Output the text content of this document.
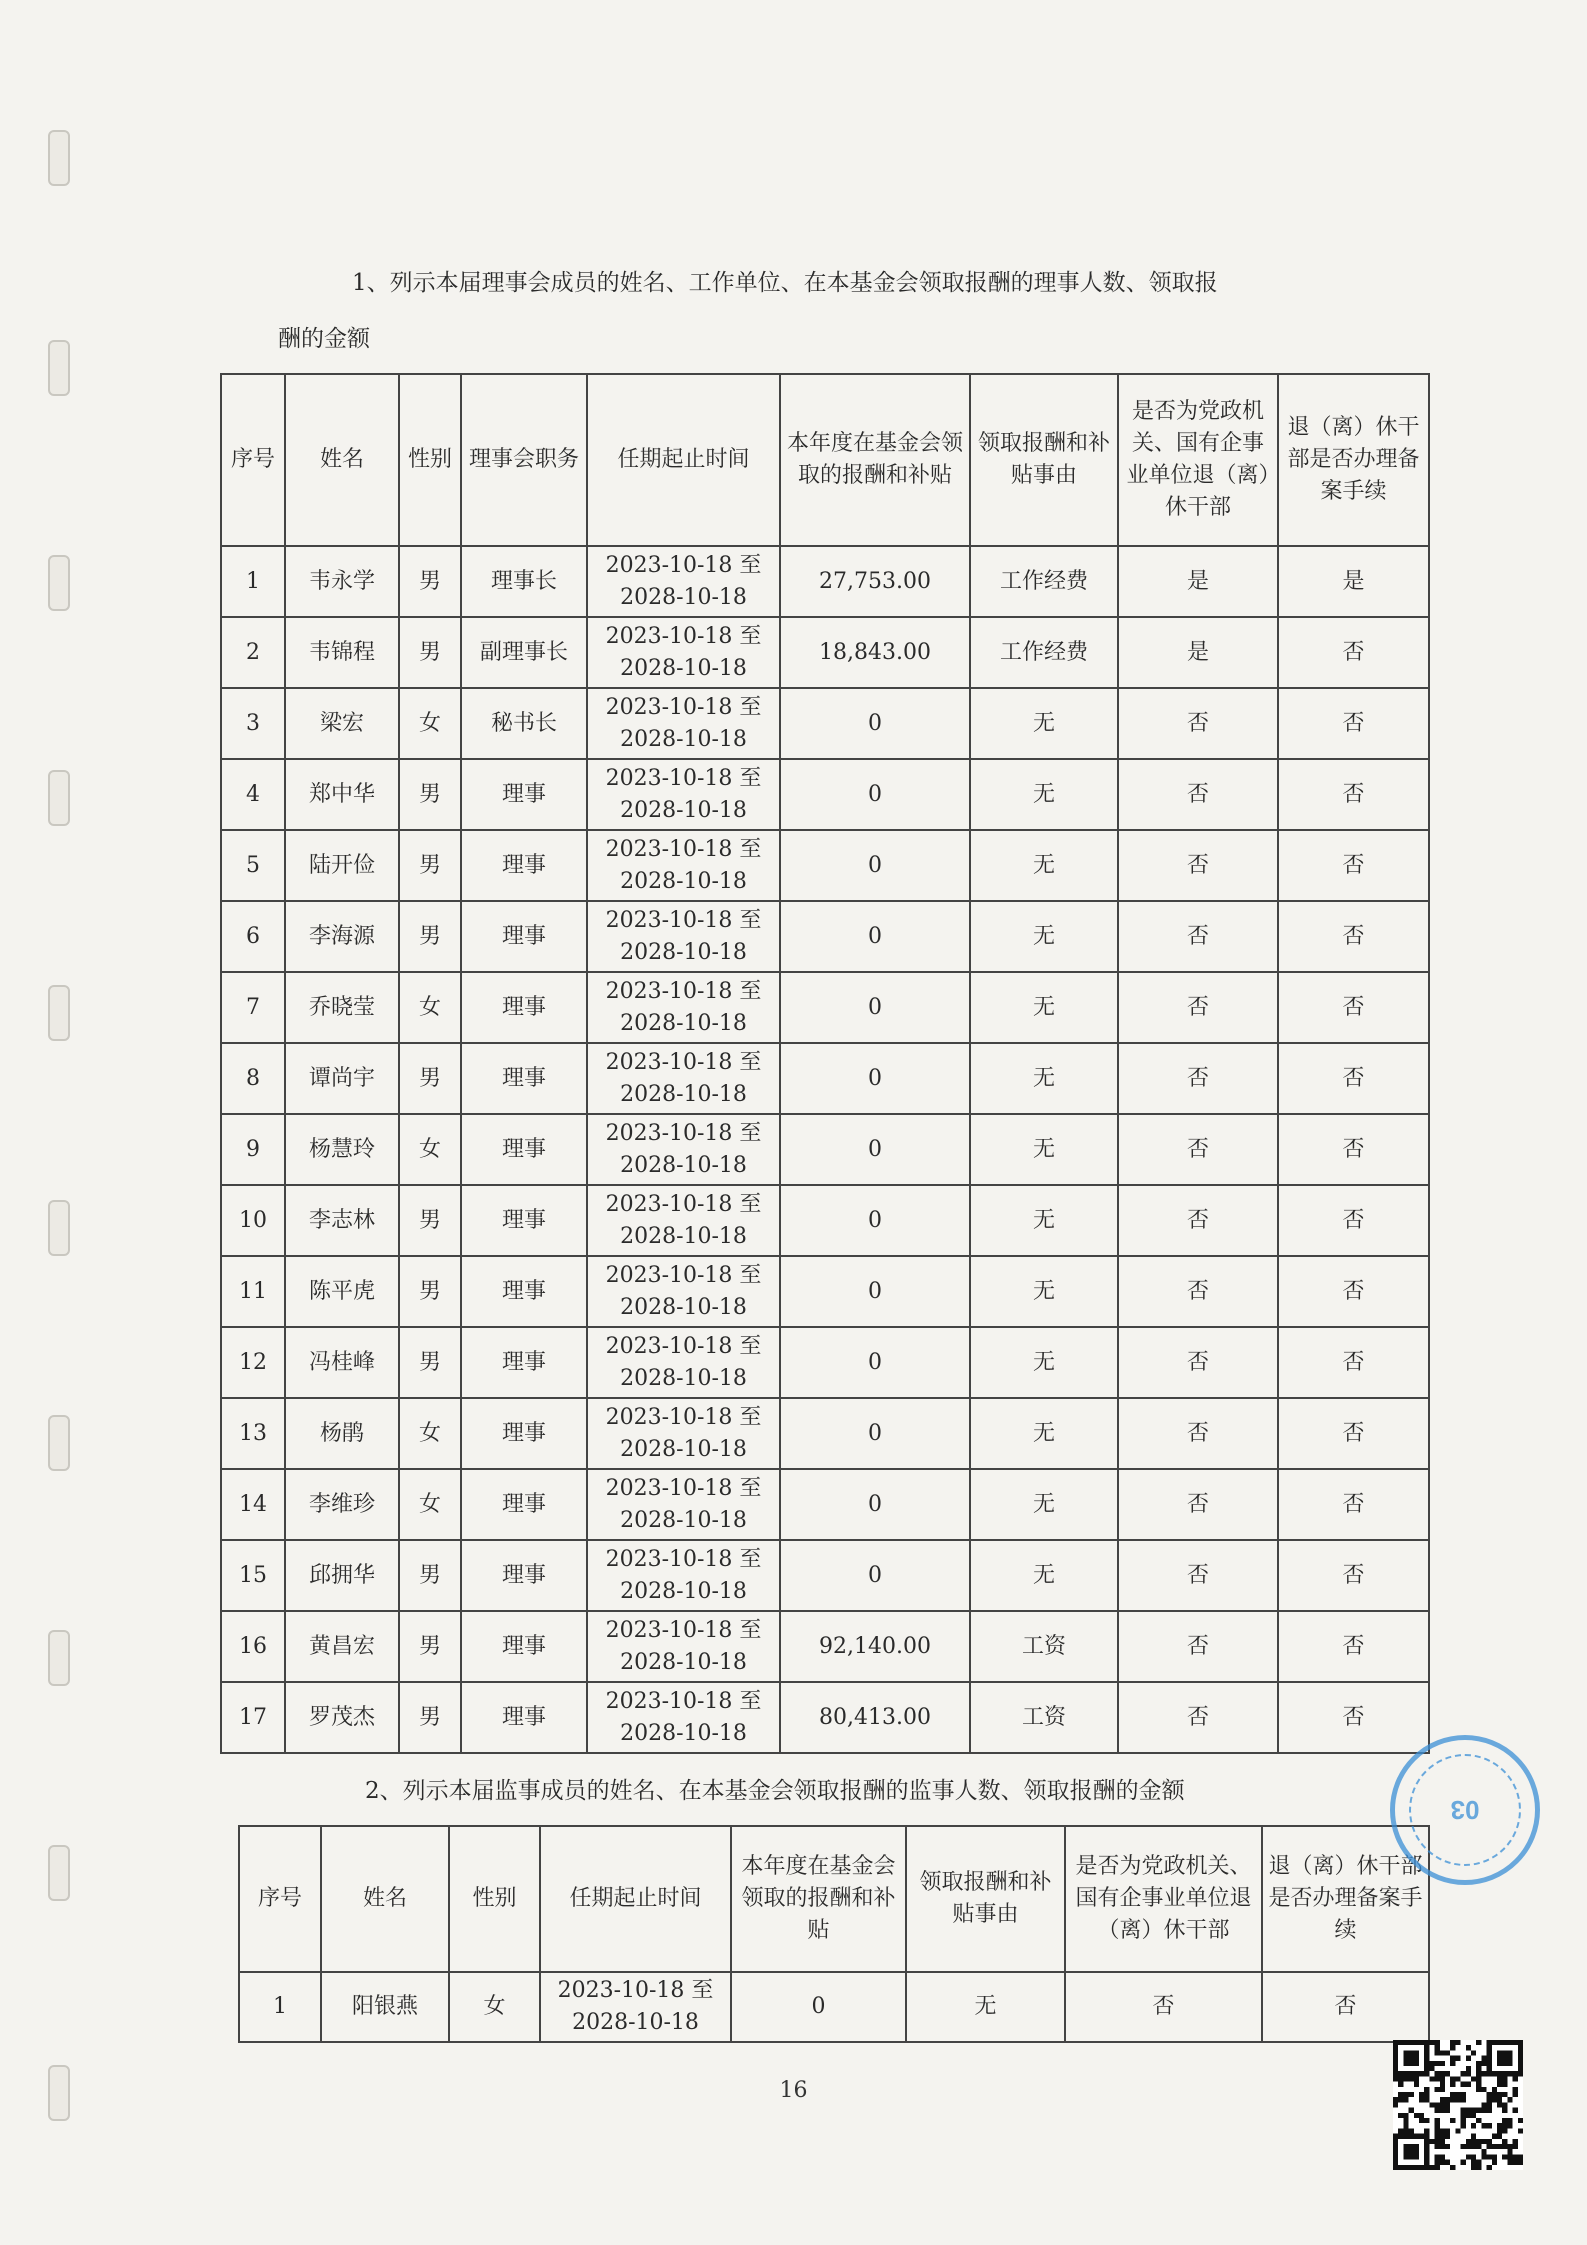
1、列示本届理事会成员的姓名、工作单位、在本基金会领取报酬的理事人数、领取报
酬的金额
序号	姓名	性别	理事会职务	任期起止时间	本年度在基金会领取的报酬和补贴	领取报酬和补贴事由	是否为党政机关、国有企事业单位退（离）休干部	退（离）休干部是否办理备案手续
1	韦永学	男	理事长	2023-10-18 至
2028-10-18	27,753.00	工作经费	是	是
2	韦锦程	男	副理事长	2023-10-18 至
2028-10-18	18,843.00	工作经费	是	否
3	梁宏	女	秘书长	2023-10-18 至
2028-10-18	0	无	否	否
4	郑中华	男	理事	2023-10-18 至
2028-10-18	0	无	否	否
5	陆开俭	男	理事	2023-10-18 至
2028-10-18	0	无	否	否
6	李海源	男	理事	2023-10-18 至
2028-10-18	0	无	否	否
7	乔晓莹	女	理事	2023-10-18 至
2028-10-18	0	无	否	否
8	谭尚宇	男	理事	2023-10-18 至
2028-10-18	0	无	否	否
9	杨慧玲	女	理事	2023-10-18 至
2028-10-18	0	无	否	否
10	李志林	男	理事	2023-10-18 至
2028-10-18	0	无	否	否
11	陈平虎	男	理事	2023-10-18 至
2028-10-18	0	无	否	否
12	冯桂峰	男	理事	2023-10-18 至
2028-10-18	0	无	否	否
13	杨鹃	女	理事	2023-10-18 至
2028-10-18	0	无	否	否
14	李维珍	女	理事	2023-10-18 至
2028-10-18	0	无	否	否
15	邱拥华	男	理事	2023-10-18 至
2028-10-18	0	无	否	否
16	黄昌宏	男	理事	2023-10-18 至
2028-10-18	92,140.00	工资	否	否
17	罗茂杰	男	理事	2023-10-18 至
2028-10-18	80,413.00	工资	否	否
2、列示本届监事成员的姓名、在本基金会领取报酬的监事人数、领取报酬的金额
序号	姓名	性别	任期起止时间	本年度在基金会领取的报酬和补贴	领取报酬和补贴事由	是否为党政机关、国有企事业单位退（离）休干部	退（离）休干部是否办理备案手续
1	阳银燕	女	2023-10-18 至
2028-10-18	0	无	否	否
16
03
